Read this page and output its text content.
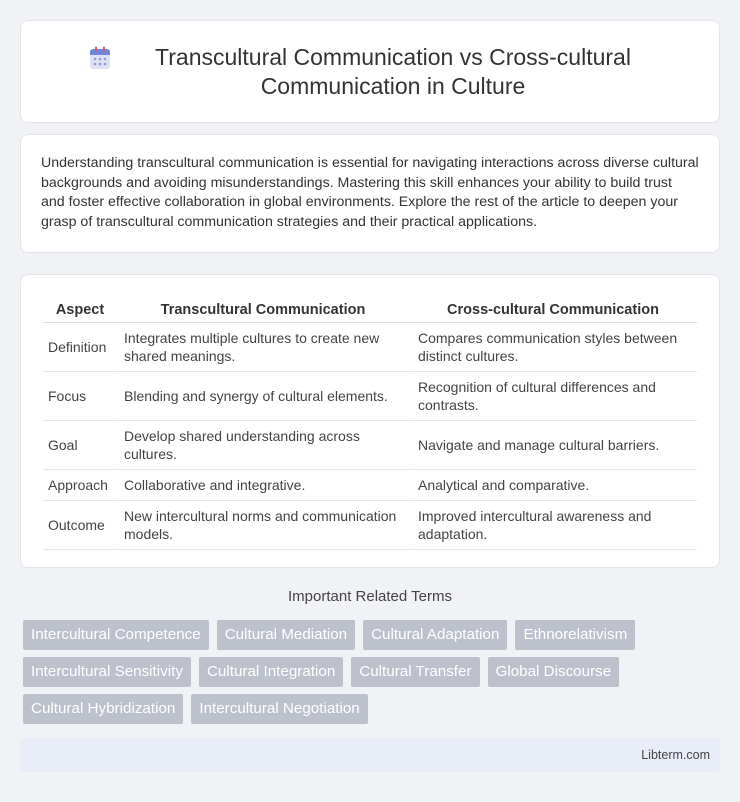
Transcultural Communication vs Cross-cultural Communication in Culture

Understanding transcultural communication is essential for navigating interactions across diverse cultural backgrounds and avoiding misunderstandings. Mastering this skill enhances your ability to build trust and foster effective collaboration in global environments. Explore the rest of the article to deepen your grasp of transcultural communication strategies and their practical applications.

Aspect	Transcultural Communication	Cross-cultural Communication
Definition	Integrates multiple cultures to create new shared meanings.	Compares communication styles between distinct cultures.
Focus	Blending and synergy of cultural elements.	Recognition of cultural differences and contrasts.
Goal	Develop shared understanding across cultures.	Navigate and manage cultural barriers.
Approach	Collaborative and integrative.	Analytical and comparative.
Outcome	New intercultural norms and communication models.	Improved intercultural awareness and adaptation.
Important Related Terms
Intercultural Competence	Cultural Mediation	Cultural Adaptation	Ethnorelativism
Intercultural Sensitivity	Cultural Integration	Cultural Transfer	Global Discourse
Cultural Hybridization	Intercultural Negotiation
Libterm.com
